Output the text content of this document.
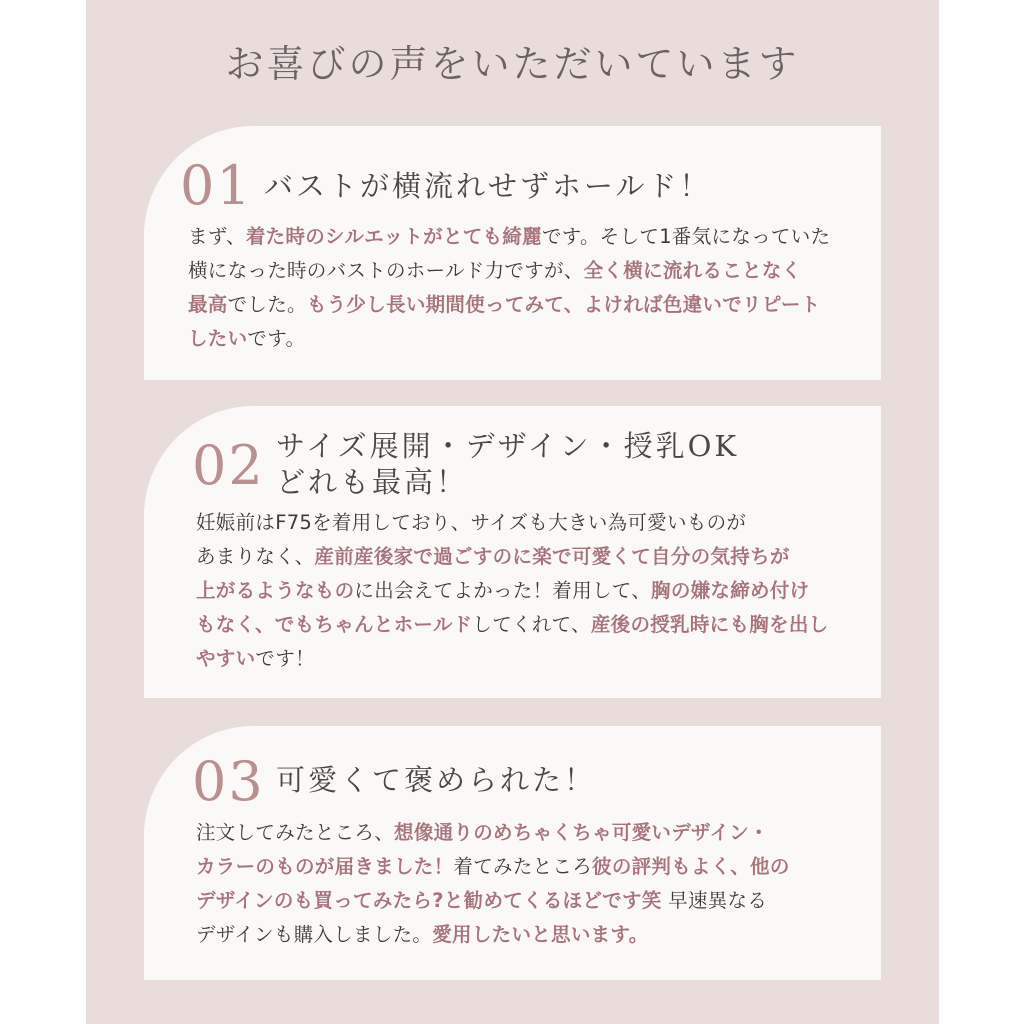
お喜びの声をいただいています
01 バストが横流れせずホールド！
まず、着た時のシルエットがとても綺麗です。そして1番気になっていた
横になった時のバストのホールド力ですが、全く横に流れることなく
最高でした。もう少し長い期間使ってみて、よければ色違いでリピート
したいです。
02 サイズ展開・デザイン・授乳OK
どれも最高！
妊娠前はF75を着用しており、サイズも大きい為可愛いものが
あまりなく、産前産後家で過ごすのに楽で可愛くて自分の気持ちが
上がるようなものに出会えてよかった！着用して、胸の嫌な締め付け
もなく、でもちゃんとホールドしてくれて、産後の授乳時にも胸を出し
やすいです！
03 可愛くて褒められた！
注文してみたところ、想像通りのめちゃくちゃ可愛いデザイン・
カラーのものが届きました！着てみたところ彼の評判もよく、他の
デザインのも買ってみたら?と勧めてくるほどです笑 早速異なる
デザインも購入しました。愛用したいと思います。
